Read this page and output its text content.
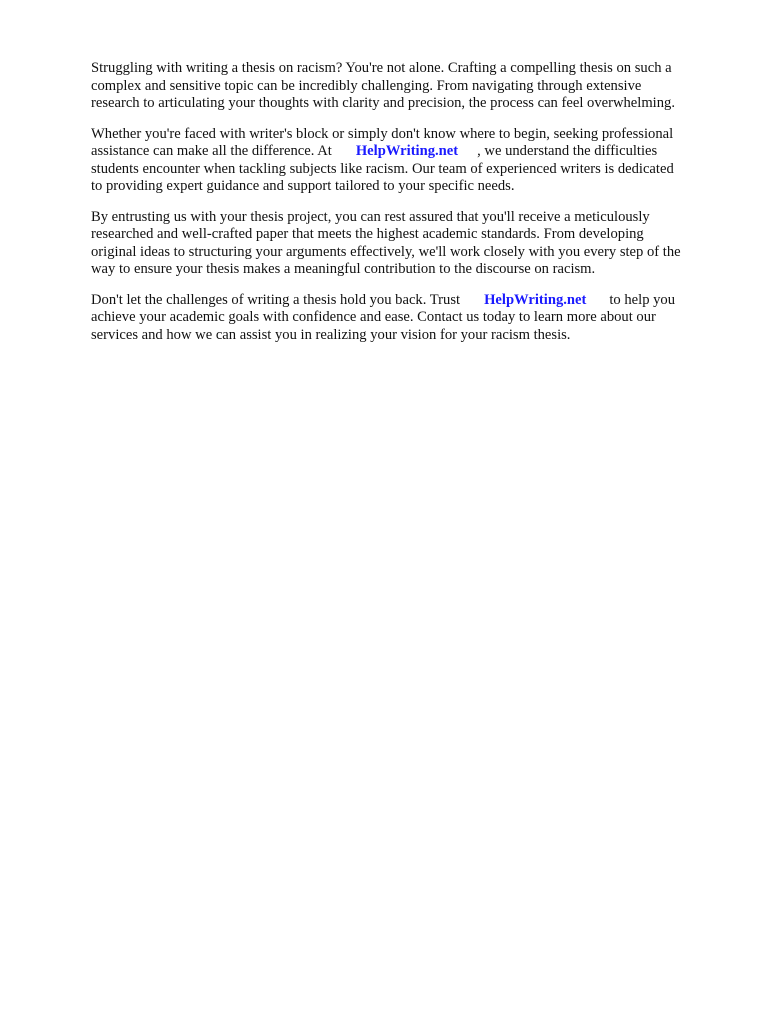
Struggling with writing a thesis on racism? You're not alone. Crafting a compelling thesis on such a
complex and sensitive topic can be incredibly challenging. From navigating through extensive
research to articulating your thoughts with clarity and precision, the process can feel overwhelming.

Whether you're faced with writer's block or simply don't know where to begin, seeking professional
assistance can make all the difference. At HelpWriting.net , we understand the difficulties
students encounter when tackling subjects like racism. Our team of experienced writers is dedicated
to providing expert guidance and support tailored to your specific needs.

By entrusting us with your thesis project, you can rest assured that you'll receive a meticulously
researched and well-crafted paper that meets the highest academic standards. From developing
original ideas to structuring your arguments effectively, we'll work closely with you every step of the
way to ensure your thesis makes a meaningful contribution to the discourse on racism.

Don't let the challenges of writing a thesis hold you back. Trust HelpWriting.net to help you
achieve your academic goals with confidence and ease. Contact us today to learn more about our
services and how we can assist you in realizing your vision for your racism thesis.
